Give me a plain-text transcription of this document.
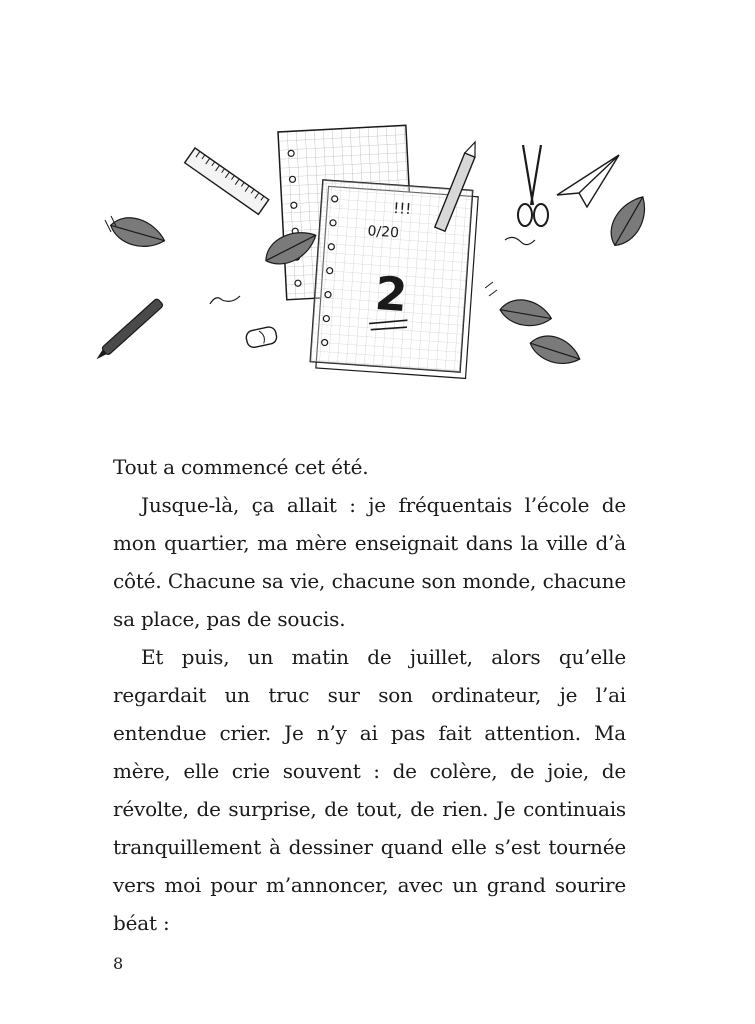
!!!
0/20
2

Tout a commencé cet été.

Jusque-là, ça allait : je fréquentais l’école de mon quartier, ma mère enseignait dans la ville d’à côté. Chacune sa vie, chacune son monde, chacune sa place, pas de soucis.

Et puis, un matin de juillet, alors qu’elle regardait un truc sur son ordinateur, je l’ai entendue crier. Je n’y ai pas fait attention. Ma mère, elle crie souvent : de colère, de joie, de révolte, de surprise, de tout, de rien. Je continuais tranquillement à dessiner quand elle s’est tournée vers moi pour m’annoncer, avec un grand sourire béat :

8
